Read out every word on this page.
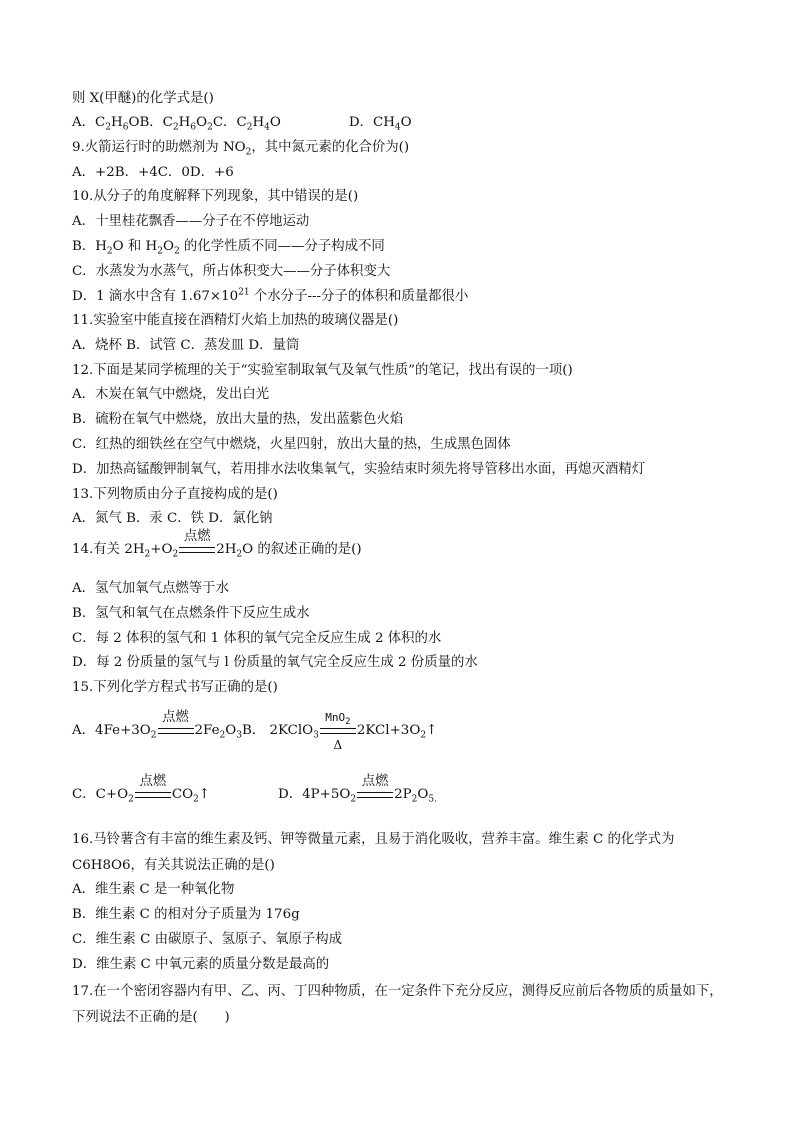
则 X(甲醚)的化学式是()
A．$C_2H_6OB$．$C_2H_6O_2C$．$C_2H_4O$	D．$CH_4O$
9.火箭运行时的助燃剂为 $NO_2$，其中氮元素的化合价为()
A．+2B．+4C．0D．+6
10.从分子的角度解释下列现象，其中错误的是()
A．十里桂花飘香——分子在不停地运动
B．$H_2O$ 和 $H_2O_2$ 的化学性质不同——分子构成不同
C．水蒸发为水蒸气，所占体积变大——分子体积变大
D．1 滴水中含有 $1.67\times 10^{21}$ 个水分子---分子的体积和质量都很小
11.实验室中能直接在酒精灯火焰上加热的玻璃仪器是()
A．烧杯 B．试管 C．蒸发皿 D．量筒
12.下面是某同学梳理的关于“实验室制取氧气及氧气性质”的笔记，找出有误的一项()
A．木炭在氧气中燃烧，发出白光
B．硫粉在氧气中燃烧，放出大量的热，发出蓝紫色火焰
C．红热的细铁丝在空气中燃烧，火星四射，放出大量的热，生成黑色固体
D．加热高锰酸钾制氧气，若用排水法收集氧气，实验结束时须先将导管移出水面，再熄灭酒精灯
13.下列物质由分子直接构成的是()
A．氮气 B．汞 C．铁 D．氯化钠
14.有关 $2H_2+O_2$
点燃
$2H_2O$ 的叙述正确的是()
A．氢气加氧气点燃等于水
B．氢气和氧气在点燃条件下反应生成水
C．每 2 体积的氢气和 1 体积的氧气完全反应生成 2 体积的水
D．每 2 份质量的氢气与 l 份质量的氧气完全反应生成 2 份质量的水
15.下列化学方程式书写正确的是()
A．$4Fe+3O_2$
点燃
$2Fe_2O_3B$． 2KClO$_3$
MnO$_2$
Δ
$2KCl+3O_2↑$
C．$C+O_2$
点燃
$CO_2↑$	D．$4P+5O_2$
点燃
$2P_2O_{5.}$
16.马铃薯含有丰富的维生素及钙、钾等微量元素，且易于消化吸收，营养丰富。维生素 C 的化学式为 C6H8O6，有关其说法正确的是()
A．维生素 C 是一种氧化物
B．维生素 C 的相对分子质量为 176g
C．维生素 C 由碳原子、氢原子、氧原子构成
D．维生素 C 中氧元素的质量分数是最高的
17.在一个密闭容器内有甲、乙、丙、丁四种物质，在一定条件下充分反应，测得反应前后各物质的质量如下，下列说法不正确的是(　　)
